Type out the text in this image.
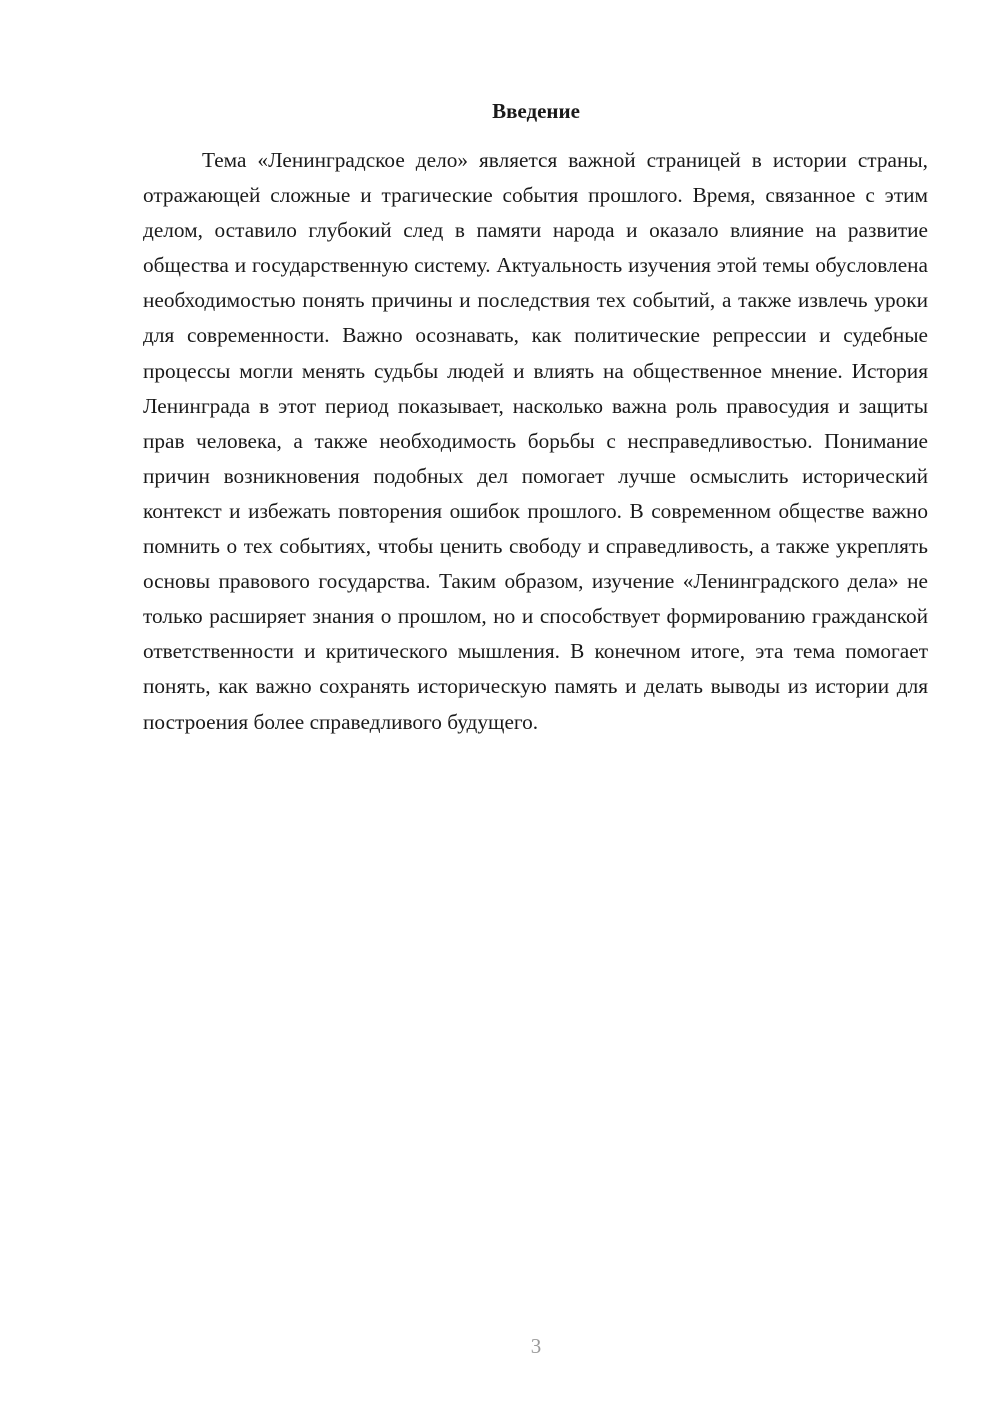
Введение

Тема «Ленинградское дело» является важной страницей в истории страны, отражающей сложные и трагические события прошлого. Время, связанное с этим делом, оставило глубокий след в памяти народа и оказало влияние на развитие общества и государственную систему. Актуальность изучения этой темы обусловлена необходимостью понять причины и последствия тех событий, а также извлечь уроки для современности. Важно осознавать, как политические репрессии и судебные процессы могли менять судьбы людей и влиять на общественное мнение. История Ленинграда в этот период показывает, насколько важна роль правосудия и защиты прав человека, а также необходимость борьбы с несправедливостью. Понимание причин возникновения подобных дел помогает лучше осмыслить исторический контекст и избежать повторения ошибок прошлого. В современном обществе важно помнить о тех событиях, чтобы ценить свободу и справедливость, а также укреплять основы правового государства. Таким образом, изучение «Ленинградского дела» не только расширяет знания о прошлом, но и способствует формированию гражданской ответственности и критического мышления. В конечном итоге, эта тема помогает понять, как важно сохранять историческую память и делать выводы из истории для построения более справедливого будущего.

3
